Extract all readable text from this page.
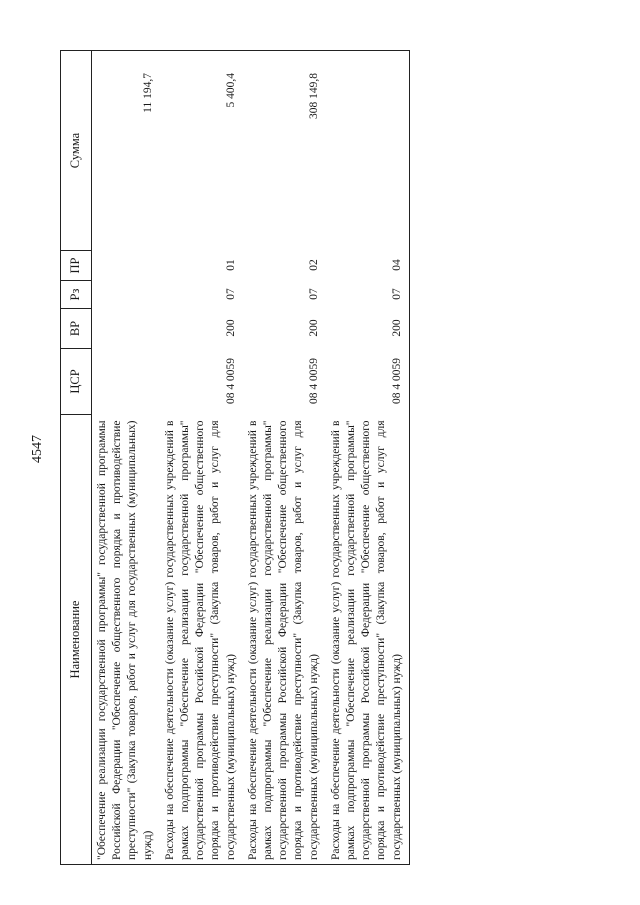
4547
Наименование	ЦСР	ВР	Рз	ПР	Сумма
"Обеспечение реализации государственной программы" государственной программы Российской Федерации "Обеспечение общественного порядка и противодействие преступности" (Закупка товаров, работ и услуг для государственных (муниципальных) нужд)					11 194,7
Расходы на обеспечение деятельности (оказание услуг) государственных учреждений в рамках подпрограммы "Обеспечение реализации государственной программы" государственной программы Российской Федерации "Обеспечение общественного порядка и противодействие преступности" (Закупка товаров, работ и услуг для государственных (муниципальных) нужд)	08 4 0059	200	07	01	5 400,4
Расходы на обеспечение деятельности (оказание услуг) государственных учреждений в рамках подпрограммы "Обеспечение реализации государственной программы" государственной программы Российской Федерации "Обеспечение общественного порядка и противодействие преступности" (Закупка товаров, работ и услуг для государственных (муниципальных) нужд)	08 4 0059	200	07	02	308 149,8
Расходы на обеспечение деятельности (оказание услуг) государственных учреждений в рамках подпрограммы "Обеспечение реализации государственной программы" государственной программы Российской Федерации "Обеспечение общественного порядка и противодействие преступности" (Закупка товаров, работ и услуг для государственных (муниципальных) нужд)	08 4 0059	200	07	04	
